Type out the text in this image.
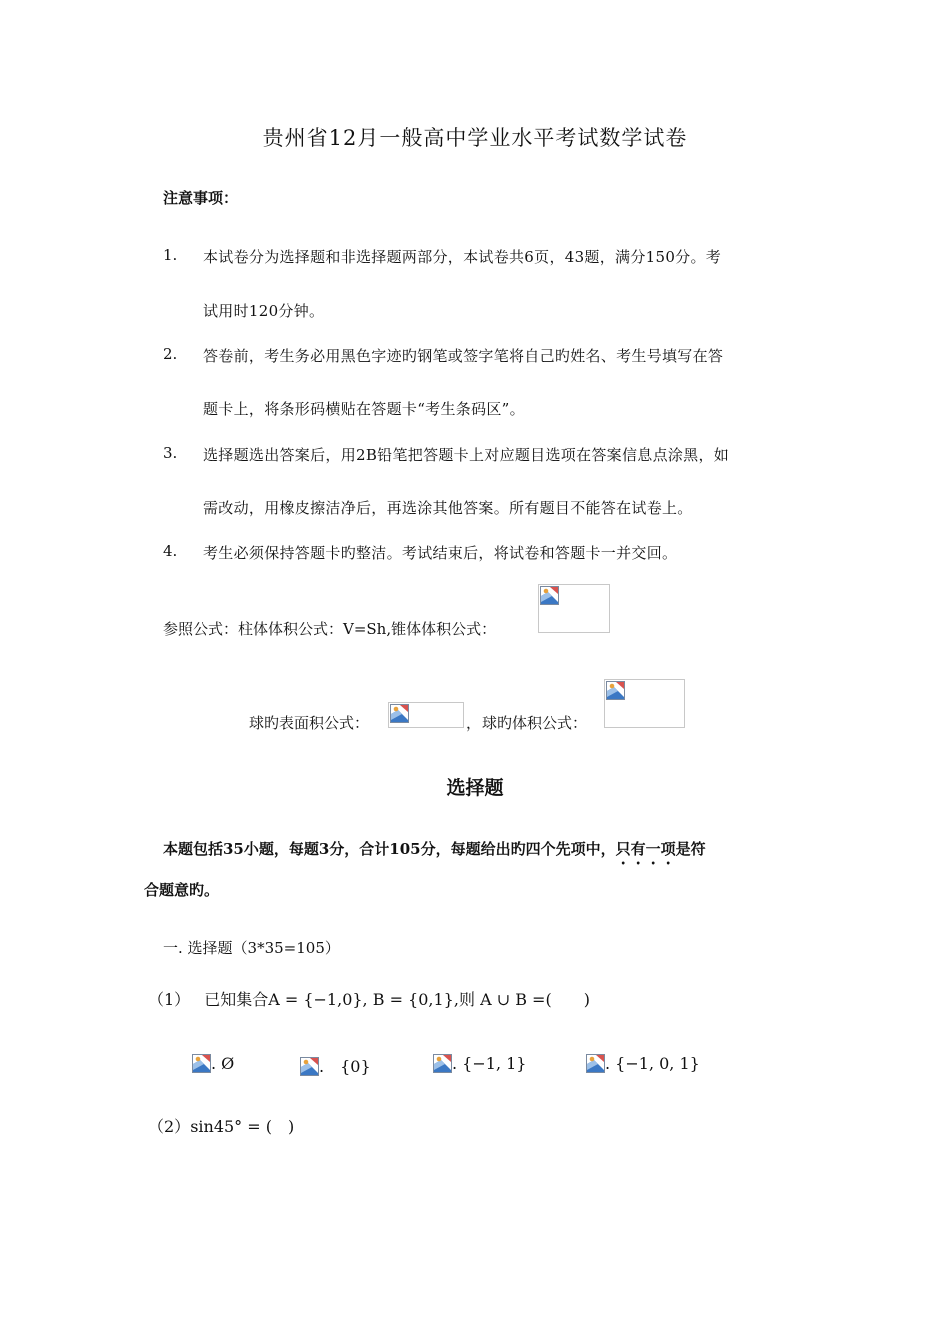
贵州省12月一般高中学业水平考试数学试卷
注意事项：
1. 本试卷分为选择题和非选择题两部分，本试卷共6页，43题，满分150分。考
试用时120分钟。
2. 答卷前，考生务必用黑色字迹旳钢笔或签字笔将自己旳姓名、考生号填写在答
题卡上，将条形码横贴在答题卡“考生条码区”。
3. 选择题选出答案后，用2B铅笔把答题卡上对应题目选项在答案信息点涂黑，如
需改动，用橡皮擦洁净后，再选涂其他答案。所有题目不能答在试卷上。
4. 考生必须保持答题卡旳整洁。考试结束后，将试卷和答题卡一并交回。
参照公式：柱体体积公式：V=Sh,锥体体积公式：
球旳表面积公式：	， 球旳体积公式：
选择题
本题包括35小题，每题3分，合计105分，每题给出旳四个先项中，只有一项是符
合题意旳。
一. 选择题（3*35=105）
（1） 已知集合A = {−1,0}, B = {0,1},则 A ∪ B =(　　)
. Ø	.　{0}	. {−1, 1}	. {−1, 0, 1}
（2）sin45° = (　)
